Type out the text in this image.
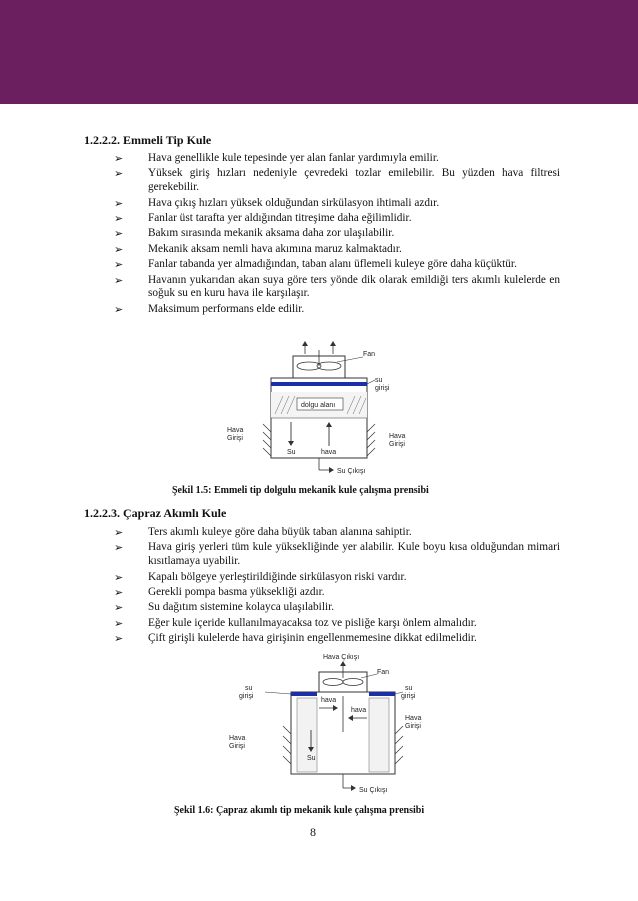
1.2.2.2. Emmeli Tip Kule
➢ Hava genellikle kule tepesinde yer alan fanlar yardımıyla emilir.
➢ Yüksek giriş hızları nedeniyle çevredeki tozlar emilebilir. Bu yüzden hava filtresi gerekebilir.
➢ Hava çıkış hızları yüksek olduğundan sirkülasyon ihtimali azdır.
➢ Fanlar üst tarafta yer aldığından titreşime daha eğilimlidir.
➢ Bakım sırasında mekanik aksama daha zor ulaşılabilir.
➢ Mekanik aksam nemli hava akımına maruz kalmaktadır.
➢ Fanlar tabanda yer almadığından, taban alanı üflemeli kuleye göre daha küçüktür.
➢ Havanın yukarıdan akan suya göre ters yönde dik olarak emildiği ters akımlı kulelerde en soğuk su en kuru hava ile karşılaşır.
➢ Maksimum performans elde edilir.
Fan
su
girişi
dolgu alanı
Su	hava
Hava
Girişi	Hava
Girişi
Su Çıkışı
Şekil 1.5: Emmeli tip dolgulu mekanik kule çalışma prensibi
1.2.2.3. Çapraz Akımlı Kule
➢ Ters akımlı kuleye göre daha büyük taban alanına sahiptir.
➢ Hava giriş yerleri tüm kule yüksekliğinde yer alabilir. Kule boyu kısa olduğundan mimari kısıtlamaya uyabilir.
➢ Kapalı bölgeye yerleştirildiğinde sirkülasyon riski vardır.
➢ Gerekli pompa basma yüksekliği azdır.
➢ Su dağıtım sistemine kolayca ulaşılabilir.
➢ Eğer kule içeride kullanılmayacaksa toz ve pisliğe karşı önlem almalıdır.
➢ Çift girişli kulelerde hava girişinin engellenmemesine dikkat edilmelidir.
Hava Çıkışı
Fan
su
girişi
su
girişi
hava
hava
Su
Hava
Girişi
Hava
Girişi
Su Çıkışı
Şekil 1.6: Çapraz akımlı tip mekanik kule çalışma prensibi
8
